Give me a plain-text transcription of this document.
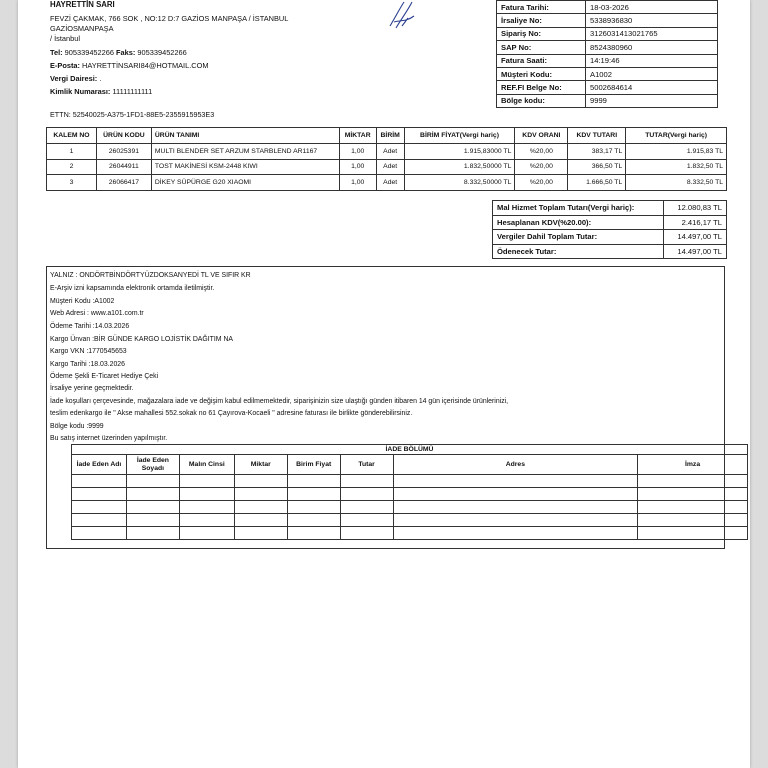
HAYRETTİN SARI
FEVZİ ÇAKMAK, 766 SOK , NO:12 D:7 GAZİOS MANPAŞA / İSTANBUL
GAZİOSMANPAŞA
/ İstanbul
Tel: 905339452266 Faks: 905339452266
E-Posta: HAYRETTİNSARI84@HOTMAIL.COM
Vergi Dairesi: .
Kimlik Numarası: 11111111111
Fatura Tarihi:	18-03-2026
İrsaliye No:	5338936830
Sipariş No:	3126031413021765
SAP No:	8524380960
Fatura Saati:	14:19:46
Müşteri Kodu:	A1002
REF.FI Belge No:	5002684614
Bölge kodu:	9999
ETTN: 52540025-A375-1FD1-88E5-2355915953E3
KALEM NO	ÜRÜN KODU	ÜRÜN TANIMI	MİKTAR	BİRİM	BİRİM FİYAT(Vergi hariç)	KDV ORANI	KDV TUTARI	TUTAR(Vergi hariç)
1	26025391	MULTI BLENDER SET ARZUM STARBLEND AR1167	1,00	Adet	1.915,83000 TL	%20,00	383,17 TL	1.915,83 TL
2	26044911	TOST MAKİNESİ KSM-2448 KIWI	1,00	Adet	1.832,50000 TL	%20,00	366,50 TL	1.832,50 TL
3	26066417	DİKEY SÜPÜRGE G20 XIAOMI	1,00	Adet	8.332,50000 TL	%20,00	1.666,50 TL	8.332,50 TL
Mal Hizmet Toplam Tutarı(Vergi hariç):	12.080,83 TL
Hesaplanan KDV(%20.00):	2.416,17 TL
Vergiler Dahil Toplam Tutar:	14.497,00 TL
Ödenecek Tutar:	14.497,00 TL
YALNIZ : ONDÖRTBİNDÖRTYÜZDOKSANYEDİ TL VE SIFIR KR
E-Arşiv izni kapsamında elektronik ortamda iletilmiştir.
Müşteri Kodu :A1002
Web Adresi : www.a101.com.tr
Ödeme Tarihi :14.03.2026
Kargo Ünvan :BİR GÜNDE KARGO LOJİSTİK DAĞITIM NA
Kargo VKN :1770545653
Kargo Tarihi :18.03.2026
Ödeme Şekli E-Ticaret Hediye Çeki
İrsaliye yerine geçmektedir.
İade koşulları çerçevesinde, mağazalara iade ve değişim kabul edilmemektedir, siparişinizin size ulaştığı günden itibaren 14 gün içerisinde ürünlerinizi,
teslim edenkargo ile " Akse mahallesi 552.sokak no 61 Çayırova-Kocaeli " adresine faturası ile birlikte gönderebilirsiniz.
Bölge kodu :9999
Bu satış internet üzerinden yapılmıştır.
İADE BÖLÜMÜ							
İade Eden Adı	İade Eden Soyadı	Malın Cinsi	Miktar	Birim Fiyat	Tutar	Adres	İmza
